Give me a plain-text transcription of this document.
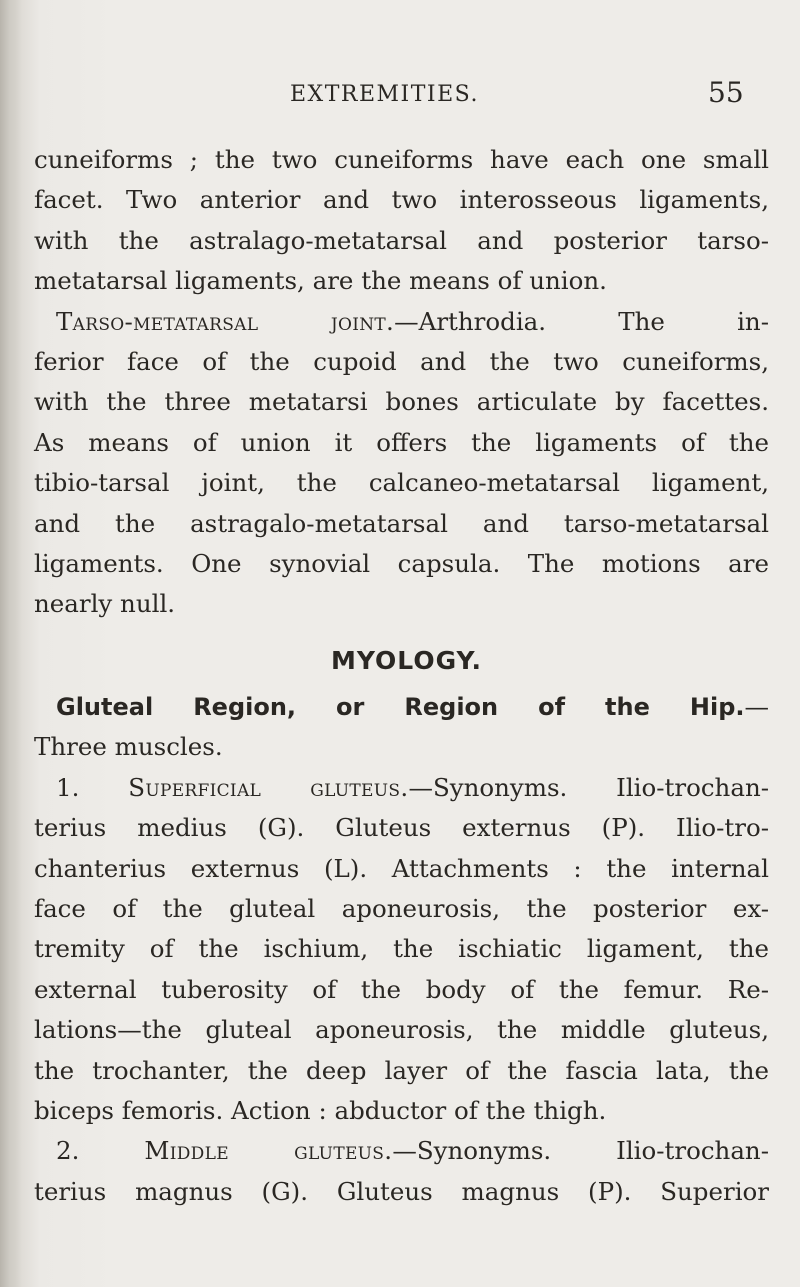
EXTREMITIES.	55
cuneiforms ; the two cuneiforms have each one small
facet. Two anterior and two interosseous ligaments,
with the astralago-metatarsal and posterior tarso-
metatarsal ligaments, are the means of union.
Tarso-metatarsal joint.—Arthrodia. The in-
ferior face of the cupoid and the two cuneiforms,
with the three metatarsi bones articulate by facettes.
As means of union it offers the ligaments of the
tibio-tarsal joint, the calcaneo-metatarsal ligament,
and the astragalo-metatarsal and tarso-metatarsal
ligaments. One synovial capsula. The motions are
nearly null.
MYOLOGY.
Gluteal Region, or Region of the Hip.—
Three muscles.
1. Superficial gluteus.—Synonyms. Ilio-trochan-
terius medius (G). Gluteus externus (P). Ilio-tro-
chanterius externus (L). Attachments : the internal
face of the gluteal aponeurosis, the posterior ex-
tremity of the ischium, the ischiatic ligament, the
external tuberosity of the body of the femur. Re-
lations—the gluteal aponeurosis, the middle gluteus,
the trochanter, the deep layer of the fascia lata, the
biceps femoris. Action : abductor of the thigh.
2.	Middle gluteus.—Synonyms. Ilio-trochan-
terius magnus (G). Gluteus magnus (P). Superior
